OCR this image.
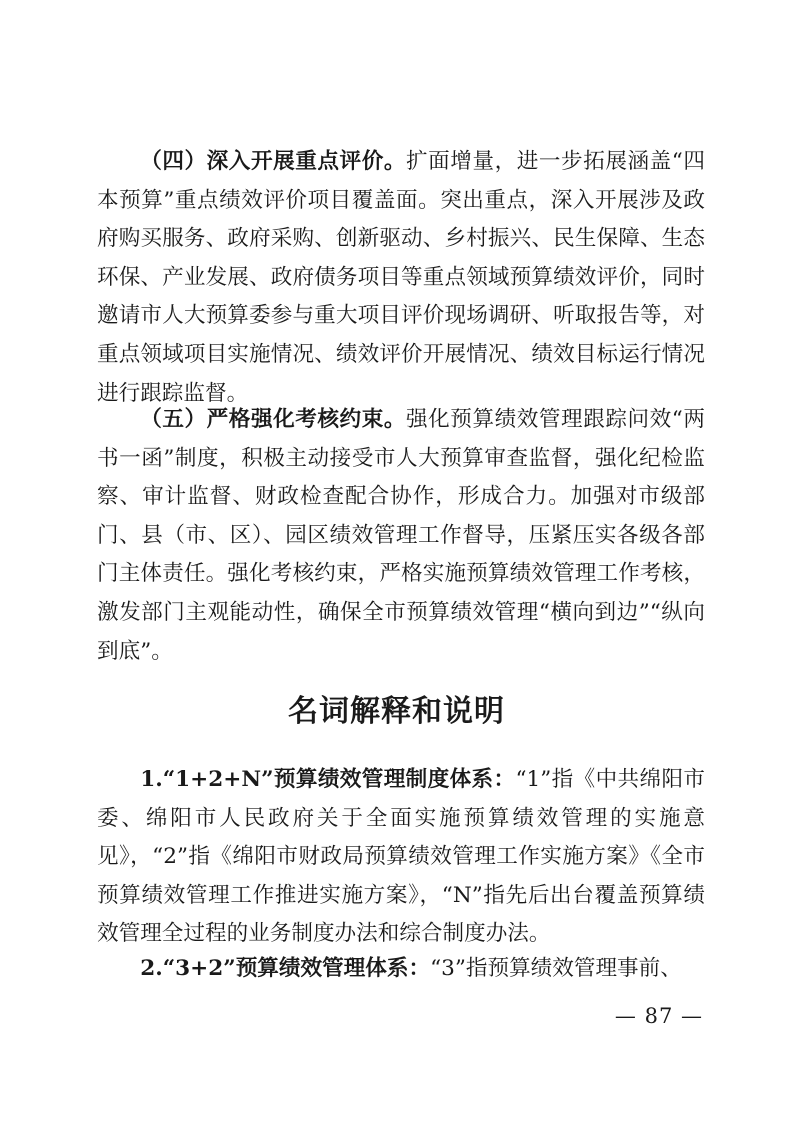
（四）深入开展重点评价。扩面增量，进一步拓展涵盖“四本预算”重点绩效评价项目覆盖面。突出重点，深入开展涉及政府购买服务、政府采购、创新驱动、乡村振兴、民生保障、生态环保、产业发展、政府债务项目等重点领域预算绩效评价，同时邀请市人大预算委参与重大项目评价现场调研、听取报告等，对重点领域项目实施情况、绩效评价开展情况、绩效目标运行情况进行跟踪监督。

（五）严格强化考核约束。强化预算绩效管理跟踪问效“两书一函”制度，积极主动接受市人大预算审查监督，强化纪检监察、审计监督、财政检查配合协作，形成合力。加强对市级部门、县（市、区）、园区绩效管理工作督导，压紧压实各级各部门主体责任。强化考核约束，严格实施预算绩效管理工作考核，激发部门主观能动性，确保全市预算绩效管理“横向到边”“纵向到底”。

名词解释和说明

1.“1+2+N”预算绩效管理制度体系：“1”指《中共绵阳市委、绵阳市人民政府关于全面实施预算绩效管理的实施意见》，“2”指《绵阳市财政局预算绩效管理工作实施方案》《全市预算绩效管理工作推进实施方案》，“N”指先后出台覆盖预算绩效管理全过程的业务制度办法和综合制度办法。

2.“3+2”预算绩效管理体系：“3”指预算绩效管理事前、

— 87 —
